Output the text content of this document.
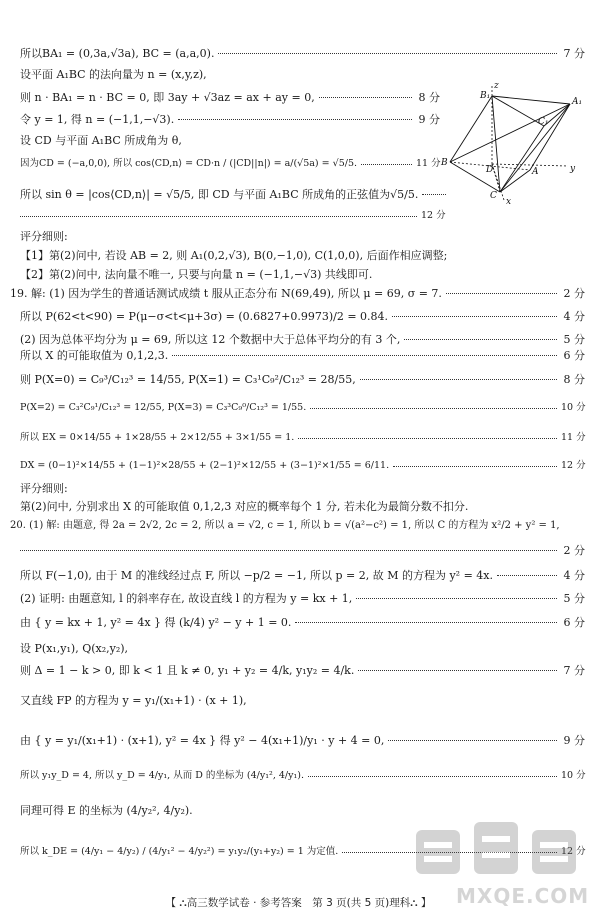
所以BA₁ = (0,3a,√3a), BC = (a,a,0).	7 分
设平面 A₁BC 的法向量为 n = (x,y,z),
则 n · BA₁ = n · BC = 0, 即 3ay + √3az = ax + ay = 0,	8 分
令 y = 1, 得 n = (−1,1,−√3).	9 分
设 CD 与平面 A₁BC 所成角为 θ,
因为CD = (−a,0,0), 所以 cos⟨CD,n⟩ = CD·n / (|CD||n|) = a/(√5a) = √5/5.	11 分
所以 sin θ = |cos⟨CD,n⟩| = √5/5, 即 CD 与平面 A₁BC 所成角的正弦值为√5/5.
12 分
评分细则:
【1】第(2)问中, 若设 AB = 2, 则 A₁(0,2,√3), B(0,−1,0), C(1,0,0), 后面作相应调整;
【2】第(2)问中, 法向量不唯一, 只要与向量 n = (−1,1,−√3) 共线即可.
19. 解: (1) 因为学生的普通话测试成绩 t 服从正态分布 N(69,49), 所以 μ = 69, σ = 7.	2 分
所以 P(62<t<90) = P(μ−σ<t<μ+3σ) = (0.6827+0.9973)/2 = 0.84.	4 分
(2) 因为总体平均分为 μ = 69, 所以这 12 个数据中大于总体平均分的有 3 个,	5 分
所以 X 的可能取值为 0,1,2,3.	6 分
则 P(X=0) = C₉³/C₁₂³ = 14/55, P(X=1) = C₃¹C₉²/C₁₂³ = 28/55,	8 分
P(X=2) = C₃²C₉¹/C₁₂³ = 12/55, P(X=3) = C₃³C₉⁰/C₁₂³ = 1/55.	10 分
所以 EX = 0×14/55 + 1×28/55 + 2×12/55 + 3×1/55 = 1.	11 分
DX = (0−1)²×14/55 + (1−1)²×28/55 + (2−1)²×12/55 + (3−1)²×1/55 = 6/11.	12 分
评分细则:
第(2)问中, 分别求出 X 的可能取值 0,1,2,3 对应的概率每个 1 分, 若未化为最简分数不扣分.
20. (1) 解: 由题意, 得 2a = 2√2, 2c = 2, 所以 a = √2, c = 1, 所以 b = √(a²−c²) = 1, 所以 C 的方程为 x²/2 + y² = 1,
2 分
所以 F(−1,0), 由于 M 的准线经过点 F, 所以 −p/2 = −1, 所以 p = 2, 故 M 的方程为 y² = 4x.	4 分
(2) 证明: 由题意知, l 的斜率存在, 故设直线 l 的方程为 y = kx + 1,	5 分
由 { y = kx + 1, y² = 4x } 得 (k/4) y² − y + 1 = 0.	6 分
设 P(x₁,y₁), Q(x₂,y₂),
则 Δ = 1 − k > 0, 即 k < 1 且 k ≠ 0, y₁ + y₂ = 4/k, y₁y₂ = 4/k.	7 分
又直线 FP 的方程为 y = y₁/(x₁+1) · (x + 1),
由 { y = y₁/(x₁+1) · (x+1), y² = 4x } 得 y² − 4(x₁+1)/y₁ · y + 4 = 0,	9 分
所以 y₁y_D = 4, 所以 y_D = 4/y₁, 从而 D 的坐标为 (4/y₁², 4/y₁).	10 分
同理可得 E 的坐标为 (4/y₂², 4/y₂).
所以 k_DE = (4/y₁ − 4/y₂) / (4/y₁² − 4/y₂²) = y₁y₂/(y₁+y₂) = 1 为定值.	12 分
B₁
z
A₁
C₁
B
D	A	y
C
x
MXQE.COM
【 ⛬高三数学试卷 · 参考答案　第 3 页(共 5 页)理科⛬ 】
